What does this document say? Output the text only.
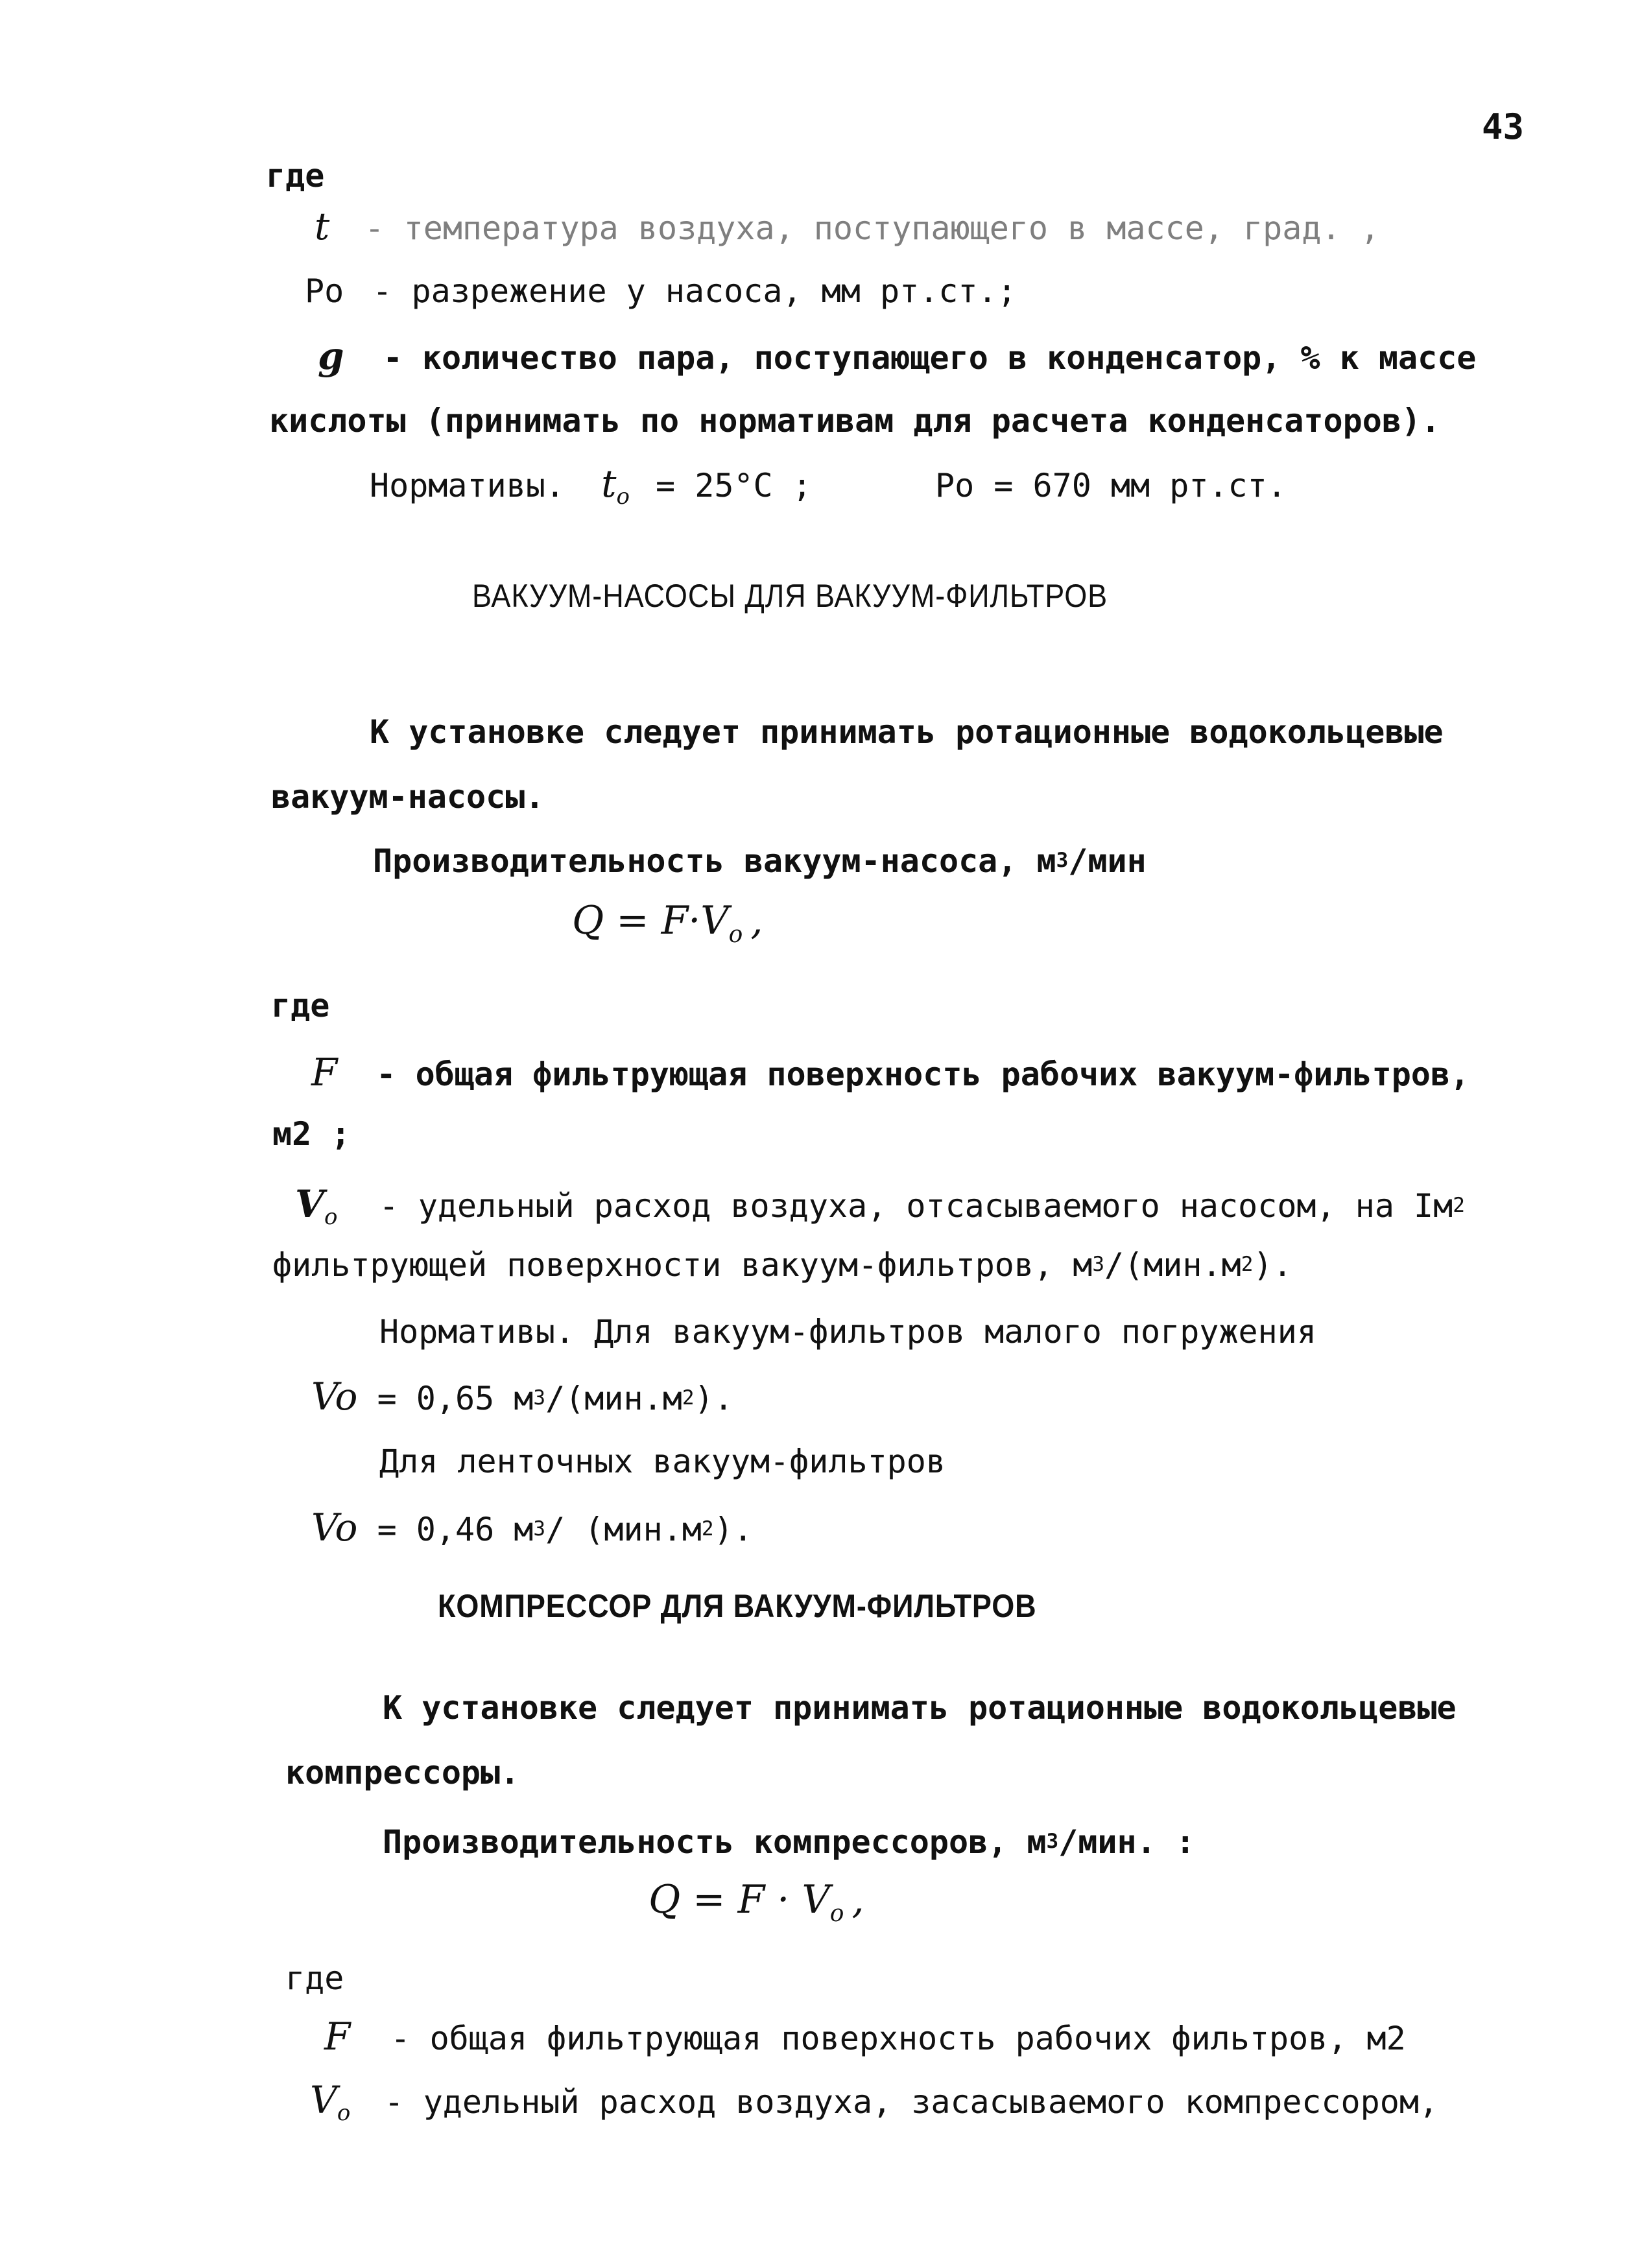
43
где
t - температура воздуха, поступающего в массе, град. ,
Ро - разрежение у насоса, мм рт.ст.;
g - количество пара, поступающего в конденсатор, % к массе
кислоты (принимать по нормативам для расчета конденсаторов).
Нормативы. $t_o = 25^\circ C$ ;	Po = 670 мм рт.ст.
ВАКУУМ-НАСОСЫ ДЛЯ ВАКУУМ-ФИЛЬТРОВ
К установке следует принимать ротационные водокольцевые
вакуум-насосы.
Производительность вакуум-насоса, $м^3$/мин
$Q = F\cdot V_o$ ,
где
F - общая фильтрующая поверхность рабочих вакуум-фильтров,
м2 ;
$V_o$ - удельный расход воздуха, отсасываемого насосом, на $Iм^2$
фильтрующей поверхности вакуум-фильтров, $м^3/(мин.м^2)$.
Нормативы. Для вакуум-фильтров малого погружения
Vo = 0,65 $м^3/(мин.м^2)$.
Для ленточных вакуум-фильтров
Vo = 0,46 $м^3/$ $(мин.м^2)$.
КОМПРЕССОР ДЛЯ ВАКУУМ-ФИЛЬТРОВ
К установке следует принимать ротационные водокольцевые
компрессоры.
Производительность компрессоров, $м^3$/мин. :
$Q = F \cdot V_o$ ,
где
F - общая фильтрующая поверхность рабочих фильтров, м2
$V_o$ - удельный расход воздуха, засасываемого компрессором,
